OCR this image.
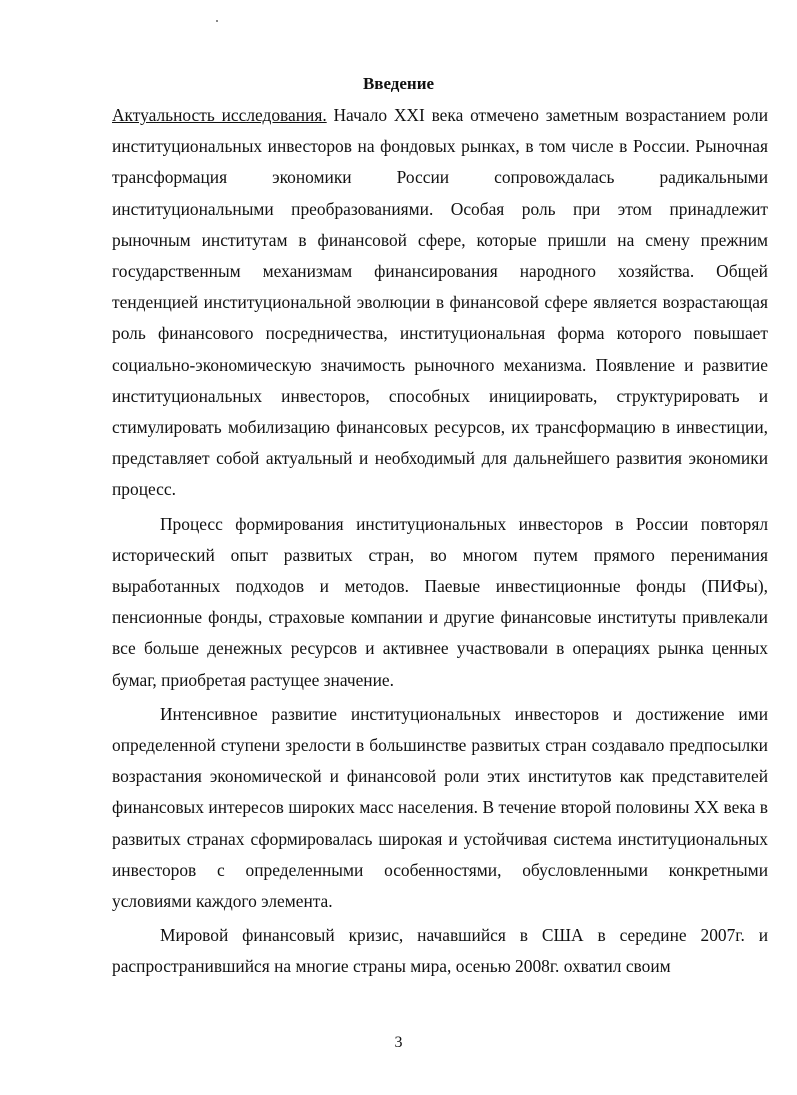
Введение

Актуальность исследования. Начало XXI века отмечено заметным возрастанием роли институциональных инвесторов на фондовых рынках, в том числе в России. Рыночная трансформация экономики России сопровождалась радикальными институциональными преобразованиями. Особая роль при этом принадлежит рыночным институтам в финансовой сфере, которые пришли на смену прежним государственным механизмам финансирования народного хозяйства. Общей тенденцией институциональной эволюции в финансовой сфере является возрастающая роль финансового посредничества, институциональная форма которого повышает социально-экономическую значимость рыночного механизма. Появление и развитие институциональных инвесторов, способных инициировать, структурировать и стимулировать мобилизацию финансовых ресурсов, их трансформацию в инвестиции, представляет собой актуальный и необходимый для дальнейшего развития экономики процесс.

Процесс формирования институциональных инвесторов в России повторял исторический опыт развитых стран, во многом путем прямого перенимания выработанных подходов и методов. Паевые инвестиционные фонды (ПИФы), пенсионные фонды, страховые компании и другие финансовые институты привлекали все больше денежных ресурсов и активнее участвовали в операциях рынка ценных бумаг, приобретая растущее значение.

Интенсивное развитие институциональных инвесторов и достижение ими определенной ступени зрелости в большинстве развитых стран создавало предпосылки возрастания экономической и финансовой роли этих институтов как представителей финансовых интересов широких масс населения. В течение второй половины XX века в развитых странах сформировалась широкая и устойчивая система институциональных инвесторов с определенными особенностями, обусловленными конкретными условиями каждого элемента.

Мировой финансовый кризис, начавшийся в США в середине 2007г. и распространившийся на многие страны мира, осенью 2008г. охватил своим

3
